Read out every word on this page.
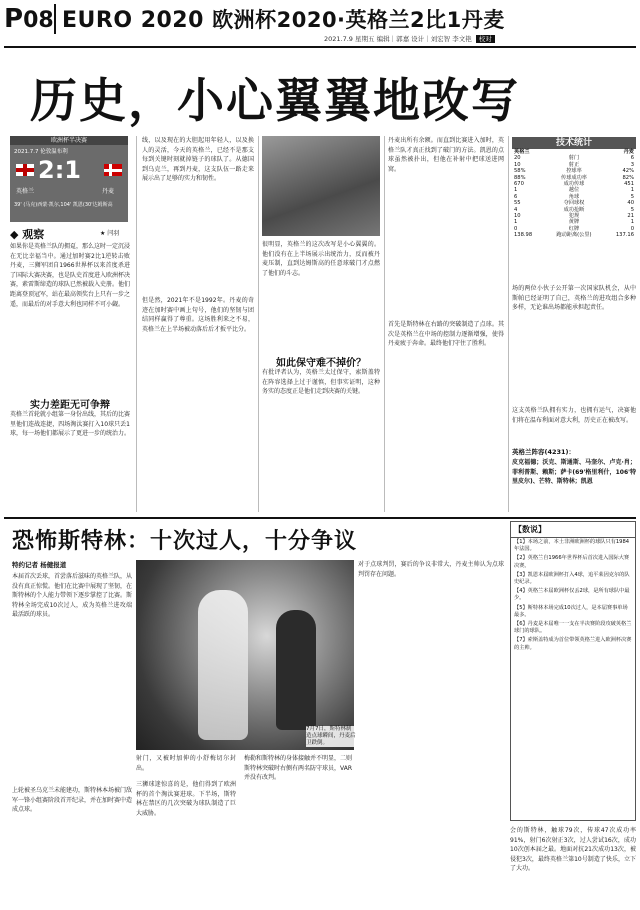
P08 EURO 2020 欧洲杯2020·英格兰2比1丹麦
2021.7.9 星期五 编辑｜郭嘉 设计｜刘宏智 李文艳 校对
历史，小心翼翼地改写
欧洲杯半决赛
2021.7.7 伦敦温布利
2:1
英格兰	丹麦
39' (马克)西蒙·凯尔,104' 凯恩(30'达姆斯高
◆ 观察	★ 闫羽
如果你是英格兰队的拥趸，那么这时一定沉浸在无比幸福当中。通过加时赛2比1逆转击败丹麦，三狮军团自1966世界杯以来首度杀进了国际大赛决赛，也是队史首度进入欧洲杯决赛，素雷斯缔造的球队已然被载入史册。他们距离登顶冠军，站在最高领奖台上只有一步之遥，而最后的对手意大利也同样不可小觑。
实力差距无可争辩
英格兰首轮就小组第一身份出线，其后的比赛里他们连战连捷，四场淘汰赛打入10球只丢1球，每一场他们都展示了更进一步的统治力。
线，以及现在的大胆起用年轻人，以及换人的灵活，今天的英格兰，已经不是那支每到关键时刻就掉链子的球队了。从德国到乌克兰，再到丹麦，这支队伍一路走来展示出了足够的实力和韧性。
但是然，2021年不是1992年。丹麦的奇迹在加时赛中画上句号，他们的坚韧与团结同样赢得了尊重。这场胜利来之不易，英格兰在上半场被动落后后才扳平比分。
很明显，英格兰的这次改写是小心翼翼的。他们没有在上半场展示出统治力，反而被丹麦压制，直到达姆斯高的任意球破门才点燃了他们的斗志。
如此保守难不掉价？
有批评者认为，英格兰太过保守，索斯盖特在阵容选择上过于谨慎，但事实证明，这种务实的态度正是他们走到决赛的关键。
丹麦出所有余额。而直到比赛进入加时，英格兰队才真正找到了破门的方法。凯恩的点球虽然被扑出，但他在补射中把球送进网窝。
首先是斯特林在右路的突破制造了点球。其次是英格兰在中场的控制力逐渐增强，使得丹麦疲于奔命。最终他们守住了胜利。
技术统计
英格兰	丹麦
20	射门	6
10	射正	3
58%	控球率	42%
88%	传球成功率	82%
670	成功传球	451
1	越位	1
6	角球	5
55	夺回球权	40
4	成功抢断	5
10	犯规	21
1	黄牌	1
0	红牌	0
138.98	跑动距离(公里)	137.16
场的两位小伙子公开第一次国家队机会，从中斯帕已经证明了自己，英格兰的进攻组合多种多样，无论谁出场都能承担起责任。
这支英格兰队拥有实力，也拥有运气，决赛他们将在温布利面对意大利，历史正在被改写。
英格兰阵容(4231)：
皮克福德；沃克、斯通斯、马奎尔、卢克·肖；菲利普斯、赖斯；萨卡(69'格里利什，106'特里皮尔)、芒特、斯特林；凯恩
恐怖斯特林：十次过人，十分争议
特约记者 杨健报道
本届首次丢球，首尝落后滋味的英格兰队，从没有真正惊慌。他们在比赛中展现了坚韧，在斯特林的个人能力带领下逐步掌控了比赛。斯特林全场完成10次过人，成为英格兰进攻端最活跃的球员。
上轮被圣乌克兰未能建功，斯特林本场被门敌军一锋小组赛阶段首开纪录，并在加时赛中造成点球。
7月7日，斯特林制造点球瞬间，丹麦后卫跌倒。
射门，又被时加伸的小舒梅切尔封出。
三狮球迷惊喜的是，他们得到了欧洲杯的首个淘汰赛进球。下半场，斯特林在禁区的几次突破为球队制造了巨大威胁。
梅勒和斯特林的身体接触并不明显，二则斯特林突破时右侧有两名防守球员，VAR并没有改判。
对于点球判罚，赛后的争议非常大，丹麦主帅认为点球判罚存在问题。
【数说】
【1】本场之前，本土非洲欧洲杯的球队只有1984年法国。
【2】英格兰自1966年世界杯后首次进入国际大赛决赛。
【3】凯恩本届欧洲杯打入4球，追平莱因克尔的队史纪录。
【4】英格兰本届欧洲杯仅丢2球，是所有球队中最少。
【5】斯特林本场完成10次过人，是本届赛事单场最多。
【6】丹麦是本届唯一一支在半决赛阶段攻破英格兰球门的球队。
【7】索斯盖特成为首位带领英格兰进入欧洲杯决赛的主帅。
会的斯特林，触球79次，传球47次成功率91%，射门6次射正3次，过人尝试16次，成功10次创本届之最。地面对抗21次成功13次，被侵犯3次，最终英格兰第10号制造了快乐，立下了大功。
